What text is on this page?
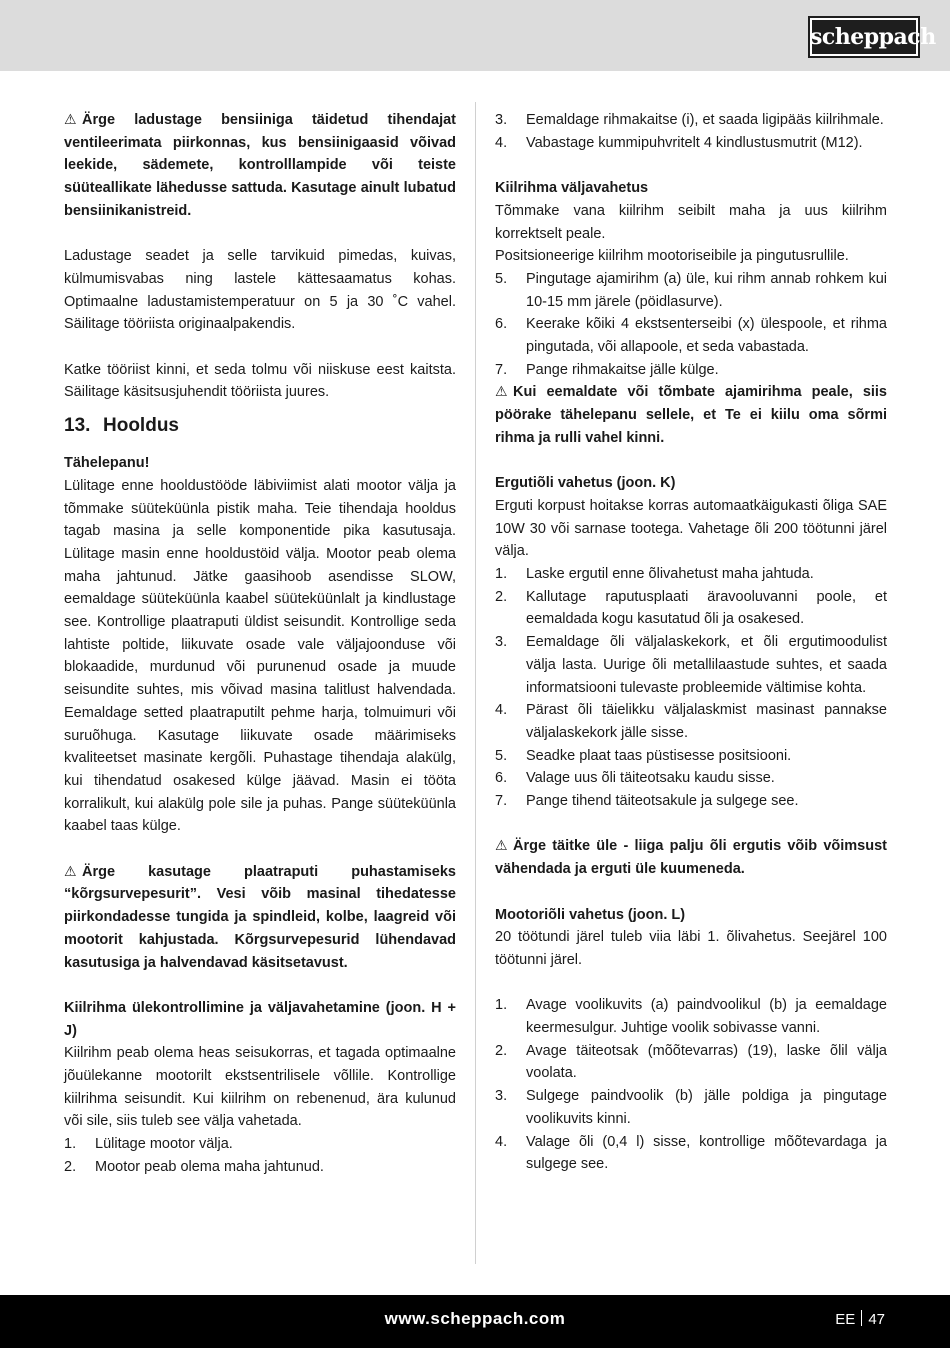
scheppach

⚠ Ärge ladustage bensiiniga täidetud tihendajat ventileerimata piirkonnas, kus bensiinigaasid võivad leekide, sädemete, kontrolllampide või teiste süüteallikate lähedusse sattuda. Kasutage ainult lubatud bensiinikanistreid.

Ladustage seadet ja selle tarvikuid pimedas, kuivas, külmumisvabas ning lastele kättesaamatus kohas. Optimaalne ladustamistemperatuur on 5 ja 30 ˚C vahel. Säilitage tööriista originaalpakendis.

Katke tööriist kinni, et seda tolmu või niiskuse eest kaitsta. Säilitage käsitsusjuhendit tööriista juures.

13. Hooldus

Tähelepanu!

Lülitage enne hooldustööde läbiviimist alati mootor välja ja tõmmake süüteküünla pistik maha. Teie tihendaja hooldus tagab masina ja selle komponentide pika kasutusaja. Lülitage masin enne hooldustöid välja. Mootor peab olema maha jahtunud. Jätke gaasihoob asendisse SLOW, eemaldage süüteküünla kaabel süüteküünlalt ja kindlustage see. Kontrollige plaatraputi üldist seisundit. Kontrollige seda lahtiste poltide, liikuvate osade vale väljajoonduse või blokaadide, murdunud või purunenud osade ja muude seisundite suhtes, mis võivad masina talitlust halvendada. Eemaldage setted plaatraputilt pehme harja, tolmuimuri või suruõhuga. Kasutage liikuvate osade määrimiseks kvaliteetset masinate kergõli. Puhastage tihendaja alakülg, kui tihendatud osakesed külge jäävad. Masin ei tööta korralikult, kui alakülg pole sile ja puhas. Pange süüteküünla kaabel taas külge.

⚠ Ärge kasutage plaatraputi puhastamiseks “kõrgsurvepesurit”. Vesi võib masinal tihedatesse piirkondadesse tungida ja spindleid, kolbe, laagreid või mootorit kahjustada. Kõrgsurvepesurid lühendavad kasutusiga ja halvendavad käsitsetavust.

Kiilrihma ülekontrollimine ja väljavahetamine (joon. H + J)

Kiilrihm peab olema heas seisukorras, et tagada optimaalne jõuülekanne mootorilt ekstsentrilisele võllile. Kontrollige kiilrihma seisundit. Kui kiilrihm on rebenenud, ära kulunud või sile, siis tuleb see välja vahetada.

1. Lülitage mootor välja.
2. Mootor peab olema maha jahtunud.
3. Eemaldage rihmakaitse (i), et saada ligipääs kiilrihmale.
4. Vabastage kummipuhvritelt 4 kindlustusmutrit (M12).

Kiilrihma väljavahetus

Tõmmake vana kiilrihm seibilt maha ja uus kiilrihm korrektselt peale.

Positsioneerige kiilrihm mootoriseibile ja pingutusrullile.

5. Pingutage ajamirihm (a) üle, kui rihm annab rohkem kui 10-15 mm järele (pöidlasurve).
6. Keerake kõiki 4 ekstsenterseibi (x) ülespoole, et rihma pingutada, või allapoole, et seda vabastada.
7. Pange rihmakaitse jälle külge.

⚠ Kui eemaldate või tõmbate ajamirihma peale, siis pöörake tähelepanu sellele, et Te ei kiilu oma sõrmi rihma ja rulli vahel kinni.

Ergutiõli vahetus (joon. K)

Erguti korpust hoitakse korras automaatkäigukasti õliga SAE 10W 30 või sarnase tootega. Vahetage õli 200 töötunni järel välja.

1. Laske ergutil enne õlivahetust maha jahtuda.
2. Kallutage raputusplaati äravooluvanni poole, et eemaldada kogu kasutatud õli ja osakesed.
3. Eemaldage õli väljalaskekork, et õli ergutimoodulist välja lasta. Uurige õli metallilaastude suhtes, et saada informatsiooni tulevaste probleemide vältimise kohta.
4. Pärast õli täielikku väljalaskmist masinast pannakse väljalaskekork jälle sisse.
5. Seadke plaat taas püstisesse positsiooni.
6. Valage uus õli täiteotsaku kaudu sisse.
7. Pange tihend täiteotsakule ja sulgege see.

⚠ Ärge täitke üle - liiga palju õli ergutis võib võimsust vähendada ja erguti üle kuumeneda.

Mootoriõli vahetus (joon. L)

20 töötundi järel tuleb viia läbi 1. õlivahetus. Seejärel 100 töötunni järel.

1. Avage voolikuvits (a) paindvoolikul (b) ja eemaldage keermesulgur. Juhtige voolik sobivasse vanni.
2. Avage täiteotsak (mõõtevarras) (19), laske õlil välja voolata.
3. Sulgege paindvoolik (b) jälle poldiga ja pingutage voolikuvits kinni.
4. Valage õli (0,4 l) sisse, kontrollige mõõtevardaga ja sulgege see.
www.scheppach.com	EE 47
